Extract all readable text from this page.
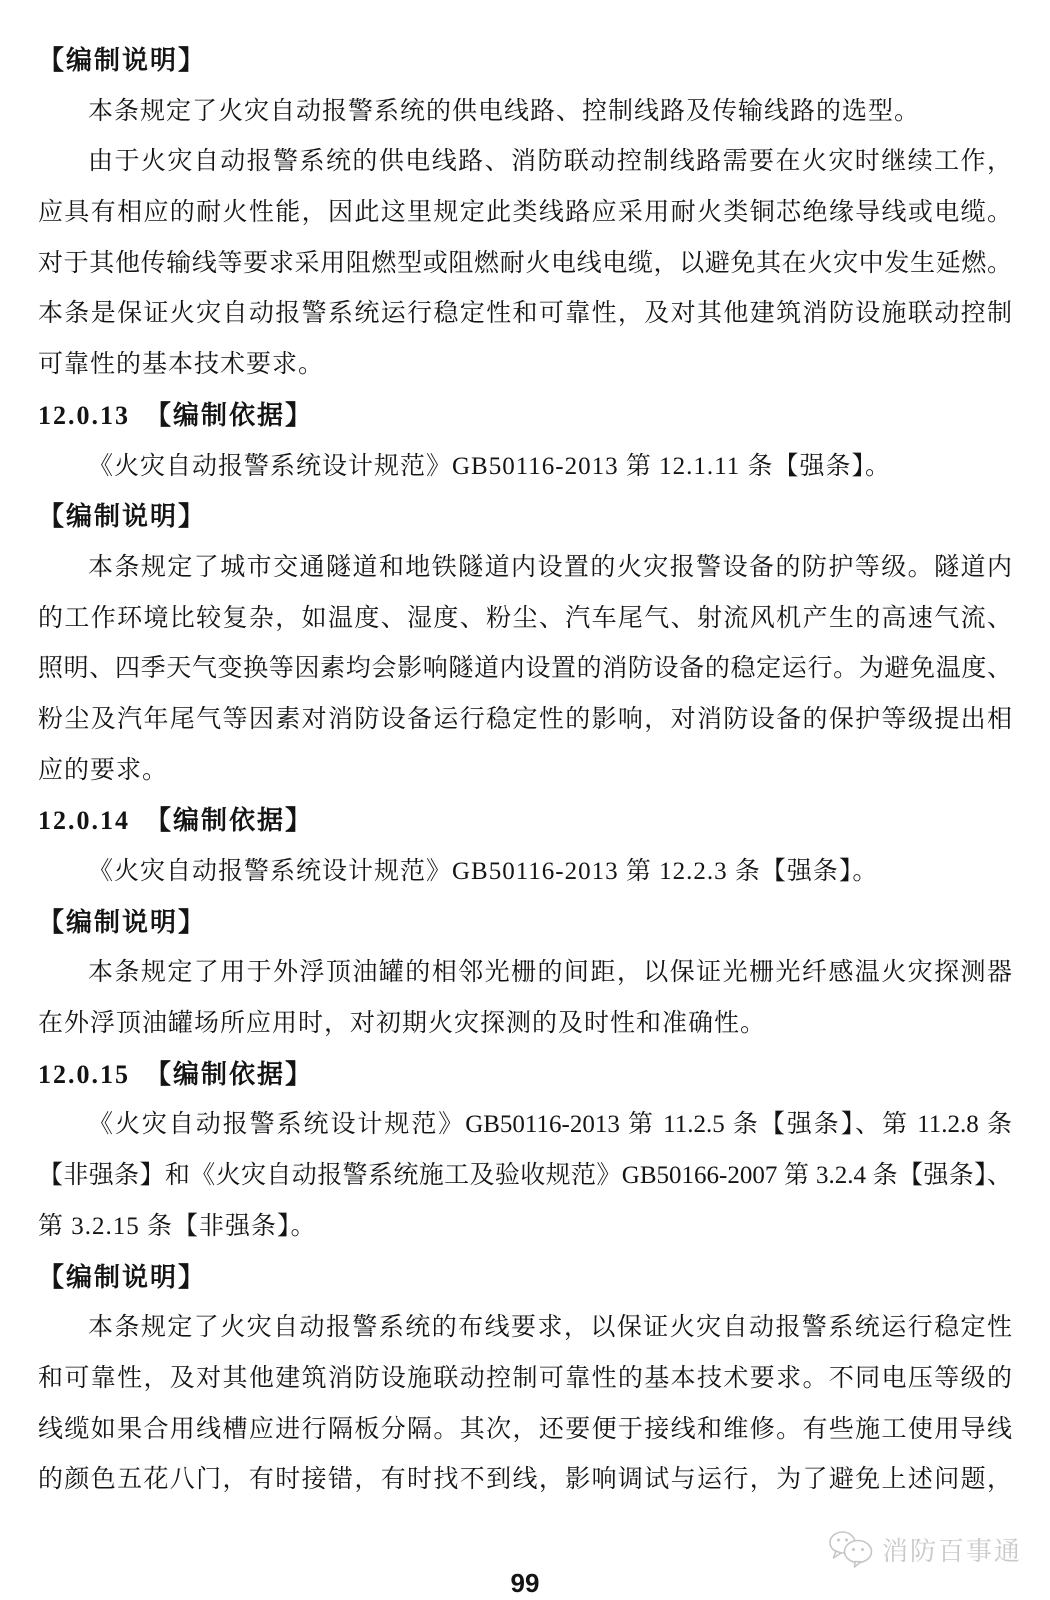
【编制说明】
本条规定了火灾自动报警系统的供电线路、控制线路及传输线路的选型。
由于火灾自动报警系统的供电线路、消防联动控制线路需要在火灾时继续工作，
应具有相应的耐火性能，因此这里规定此类线路应采用耐火类铜芯绝缘导线或电缆。
对于其他传输线等要求采用阻燃型或阻燃耐火电线电缆，以避免其在火灾中发生延燃。
本条是保证火灾自动报警系统运行稳定性和可靠性，及对其他建筑消防设施联动控制
可靠性的基本技术要求。
12.0.13　【编制依据】
《火灾自动报警系统设计规范》GB50116-2013 第 12.1.11 条【强条】。
【编制说明】
本条规定了城市交通隧道和地铁隧道内设置的火灾报警设备的防护等级。隧道内
的工作环境比较复杂，如温度、湿度、粉尘、汽车尾气、射流风机产生的高速气流、
照明、四季天气变换等因素均会影响隧道内设置的消防设备的稳定运行。为避免温度、
粉尘及汽年尾气等因素对消防设备运行稳定性的影响，对消防设备的保护等级提出相
应的要求。
12.0.14　【编制依据】
《火灾自动报警系统设计规范》GB50116-2013 第 12.2.3 条【强条】。
【编制说明】
本条规定了用于外浮顶油罐的相邻光栅的间距，以保证光栅光纤感温火灾探测器
在外浮顶油罐场所应用时，对初期火灾探测的及时性和准确性。
12.0.15　【编制依据】
《火灾自动报警系统设计规范》GB50116-2013 第 11.2.5 条【强条】、第 11.2.8 条
【非强条】和《火灾自动报警系统施工及验收规范》GB50166-2007 第 3.2.4 条【强条】、
第 3.2.15 条【非强条】。
【编制说明】
本条规定了火灾自动报警系统的布线要求，以保证火灾自动报警系统运行稳定性
和可靠性，及对其他建筑消防设施联动控制可靠性的基本技术要求。不同电压等级的
线缆如果合用线槽应进行隔板分隔。其次，还要便于接线和维修。有些施工使用导线
的颜色五花八门，有时接错，有时找不到线，影响调试与运行，为了避免上述问题，
消防百事通
99
